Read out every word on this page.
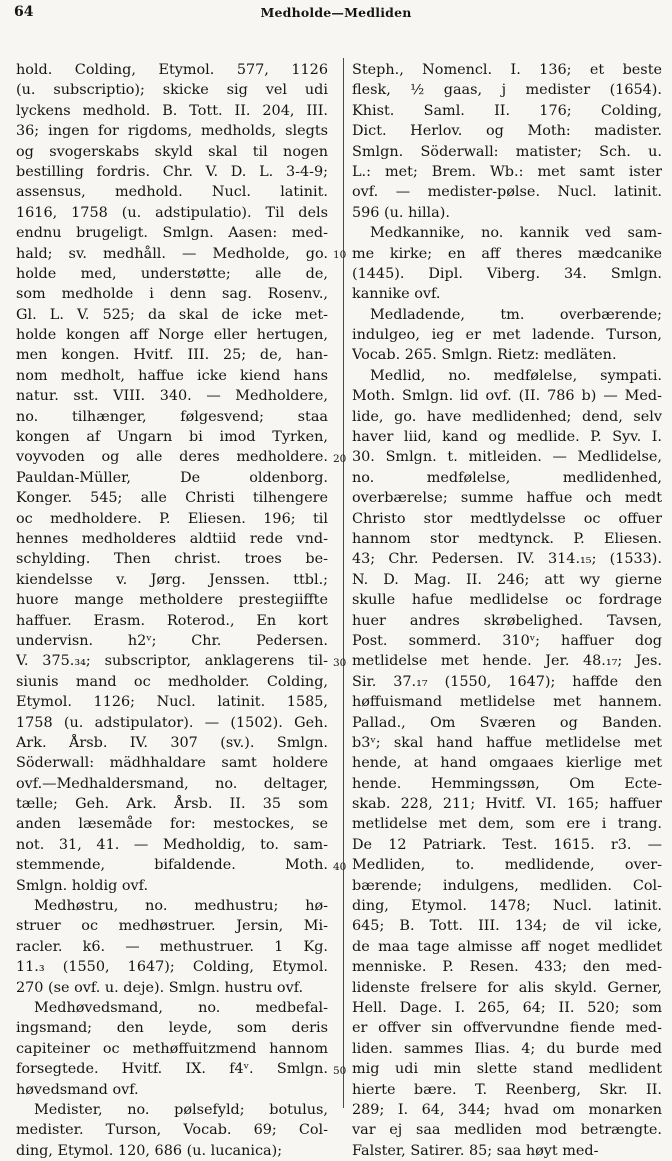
64	Medholde—Medliden
hold. Colding, Etymol. 577, 1126
(u. subscriptio); skicke sig vel udi
lyckens medhold. B. Tott. II. 204, III.
36; ingen for rigdoms, medholds, slegts
og svogerskabs skyld skal til nogen
bestilling fordris. Chr. V. D. L. 3-4-9;
assensus, medhold. Nucl. latinit.
1616, 1758 (u. adstipulatio). Til dels
endnu brugeligt. Smlgn. Aasen: med-
hald; sv. medhåll. — Medholde, go.
holde med, understøtte; alle de,
som medholde i denn sag. Rosenv.,
Gl. L. V. 525; da skal de icke met-
holde kongen aff Norge eller hertugen,
men kongen. Hvitf. III. 25; de, han-
nom medholt, haffue icke kiend hans
natur. sst. VIII. 340. — Medholdere,
no. tilhænger, følgesvend; staa
kongen af Ungarn bi imod Tyrken,
voyvoden og alle deres medholdere.
Pauldan-Müller, De oldenborg.
Konger. 545; alle Christi tilhengere
oc medholdere. P. Eliesen. 196; til
hennes medholderes aldtiid rede vnd-
schylding. Then christ. troes be-
kiendelsse v. Jørg. Jenssen. ttbl.;
huore mange metholdere prestegiiffte
haffuer. Erasm. Roterod., En kort
undervisn. h2ᵛ; Chr. Pedersen.
V. 375.₃₄; subscriptor, anklagerens til-
siunis mand oc medholder. Colding,
Etymol. 1126; Nucl. latinit. 1585,
1758 (u. adstipulator). — (1502). Geh.
Ark. Årsb. IV. 307 (sv.). Smlgn.
Söderwall: mädhhaldare samt holdere
ovf.—Medhaldersmand, no. deltager,
tælle; Geh. Ark. Årsb. II. 35 som
anden læsemåde for: mestockes, se
not. 31, 41. — Medholdig, to. sam-
stemmende, bifaldende. Moth.
Smlgn. holdig ovf.
Medhøstru, no. medhustru; hø-
struer oc medhøstruer. Jersin, Mi-
racler. k6. — methustruer. 1 Kg.
11.₃ (1550, 1647); Colding, Etymol.
270 (se ovf. u. deje). Smlgn. hustru ovf.
Medhøvedsmand, no. medbefal-
ingsmand; den leyde, som deris
capiteiner oc methøffuitzmend hannom
forsegtede. Hvitf. IX. f4ᵛ. Smlgn.
høvedsmand ovf.
Medister, no. pølsefyld; botulus,
medister. Turson, Vocab. 69; Col-
ding, Etymol. 120, 686 (u. lucanica);
10
20
30
40
50
Steph., Nomencl. I. 136; et beste
flesk, ½ gaas, j medister (1654).
Khist. Saml. II. 176; Colding,
Dict. Herlov. og Moth: madister.
Smlgn. Söderwall: matister; Sch. u.
L.: met; Brem. Wb.: met samt ister
ovf. — medister-pølse. Nucl. latinit.
596 (u. hilla).
Medkannike, no. kannik ved sam-
me kirke; en aff theres mædcanike
(1445). Dipl. Viberg. 34. Smlgn.
kannike ovf.
Medladende, tm. overbærende;
indulgeo, ieg er met ladende. Turson,
Vocab. 265. Smlgn. Rietz: medläten.
Medlid, no. medfølelse, sympati.
Moth. Smlgn. lid ovf. (II. 786 b) — Med-
lide, go. have medlidenhed; dend, selv
haver liid, kand og medlide. P. Syv. I.
30. Smlgn. t. mitleiden. — Medlidelse,
no. medfølelse, medlidenhed,
overbærelse; summe haffue och medt
Christo stor medtlydelsse oc offuer
hannom stor medtynck. P. Eliesen.
43; Chr. Pedersen. IV. 314.₁₅; (1533).
N. D. Mag. II. 246; att wy gierne
skulle hafue medlidelse oc fordrage
huer andres skrøbelighed. Tavsen,
Post. sommerd. 310ᵛ; haffuer dog
metlidelse met hende. Jer. 48.₁₇; Jes.
Sir. 37.₁₇ (1550, 1647); haffde den
høffuismand metlidelse met hannem.
Pallad., Om Sværen og Banden.
b3ᵛ; skal hand haffue metlidelse met
hende, at hand omgaaes kierlige met
hende. Hemmingssøn, Om Ecte-
skab. 228, 211; Hvitf. VI. 165; haffuer
metlidelse met dem, som ere i trang.
De 12 Patriark. Test. 1615. r3. —
Medliden, to. medlidende, over-
bærende; indulgens, medliden. Col-
ding, Etymol. 1478; Nucl. latinit.
645; B. Tott. III. 134; de vil icke,
de maa tage almisse aff noget medlidet
menniske. P. Resen. 433; den med-
lidenste frelsere for alis skyld. Gerner,
Hell. Dage. I. 265, 64; II. 520; som
er offver sin offvervundne fiende med-
liden. sammes Ilias. 4; du burde med
mig udi min slette stand medlident
hierte bære. T. Reenberg, Skr. II.
289; I. 64, 344; hvad om monarken
var ej saa medliden mod betrængte.
Falster, Satirer. 85; saa høyt med-
